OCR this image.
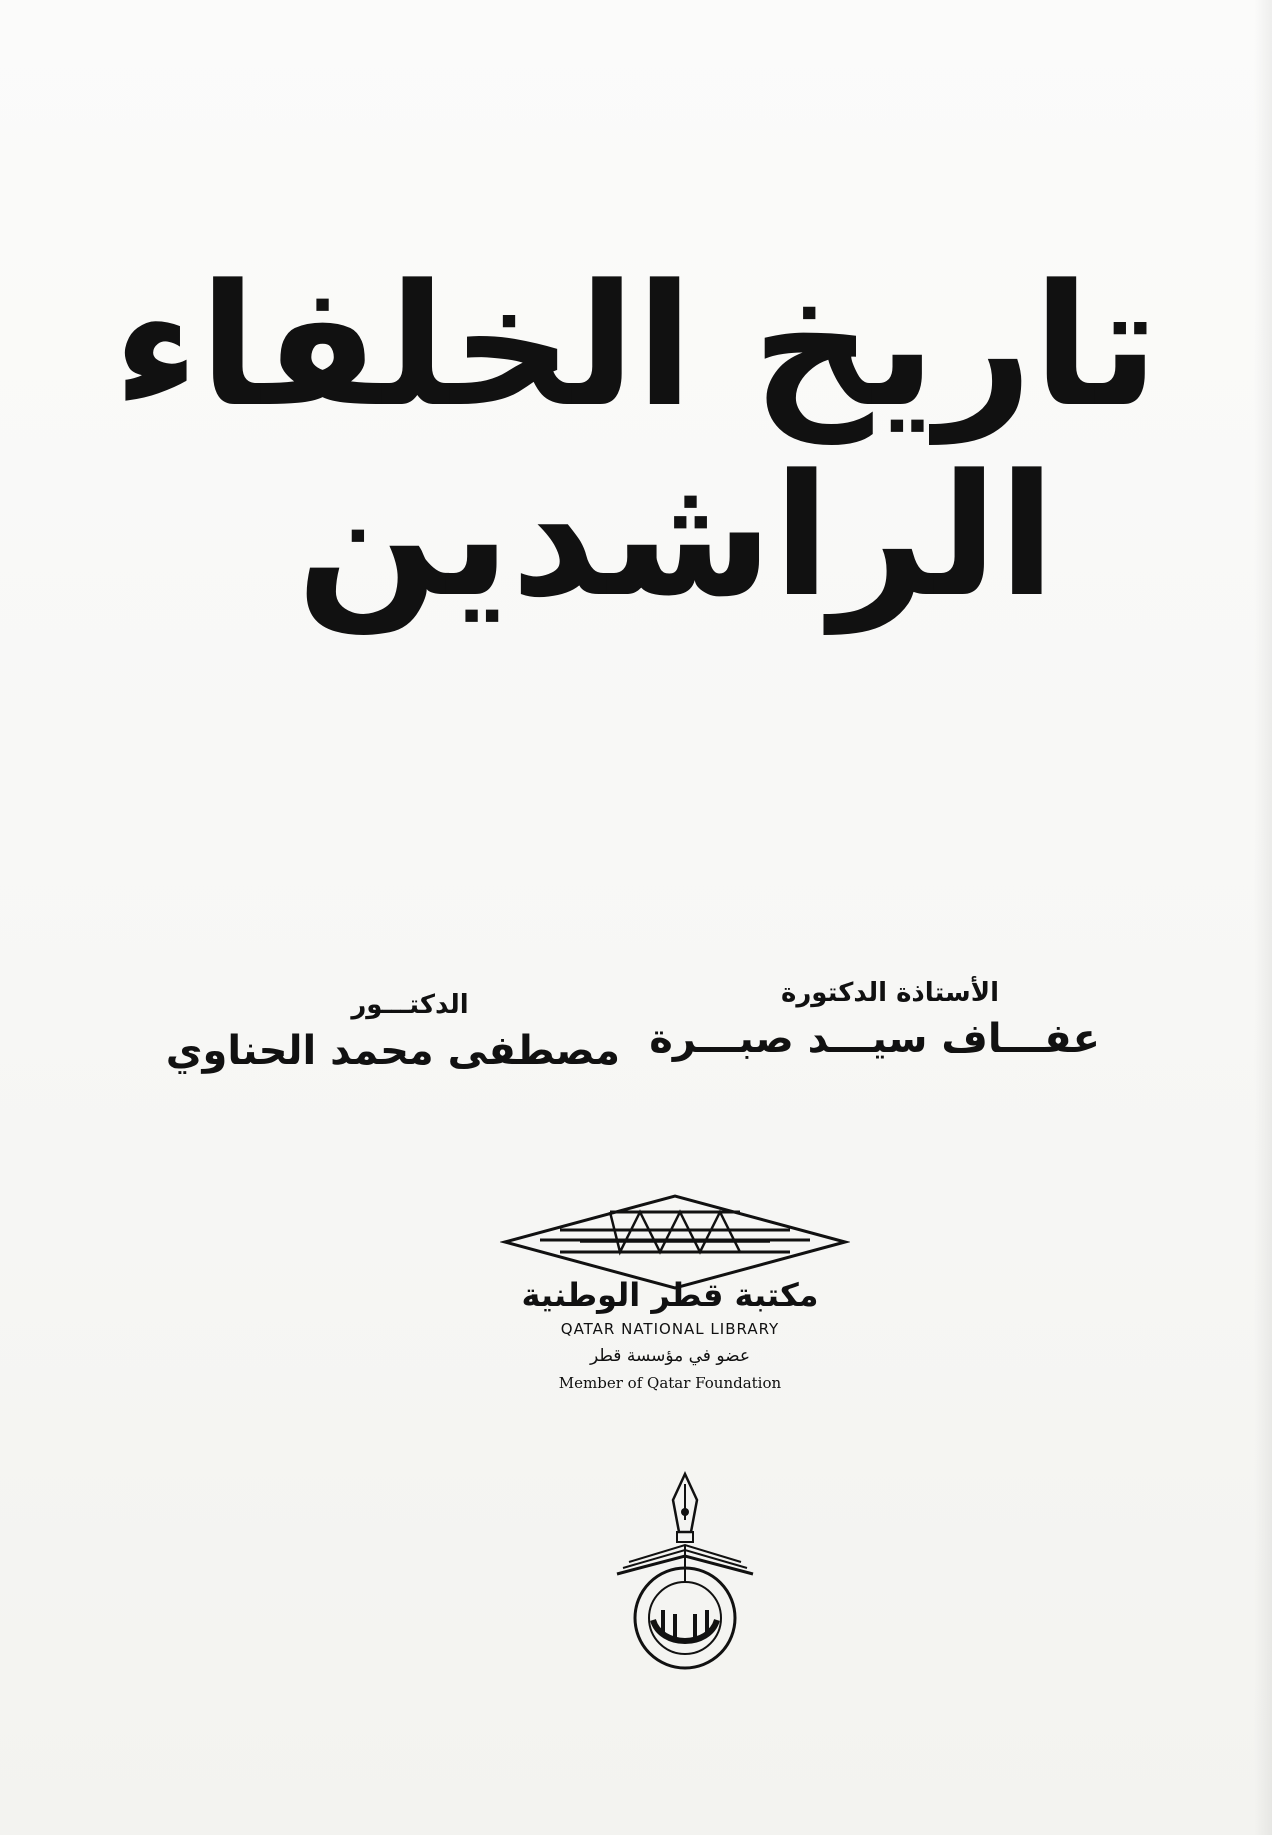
تاريخ الخلفاء
الراشدين
الأستاذة الدكتورة
عفـــاف سيـــد صبـــرة
الدكتـــور
مصطفى محمد الحناوي
مكتبة قطر الوطنية
QATAR NATIONAL LIBRARY
عضو في مؤسسة قطر
Member of Qatar Foundation
